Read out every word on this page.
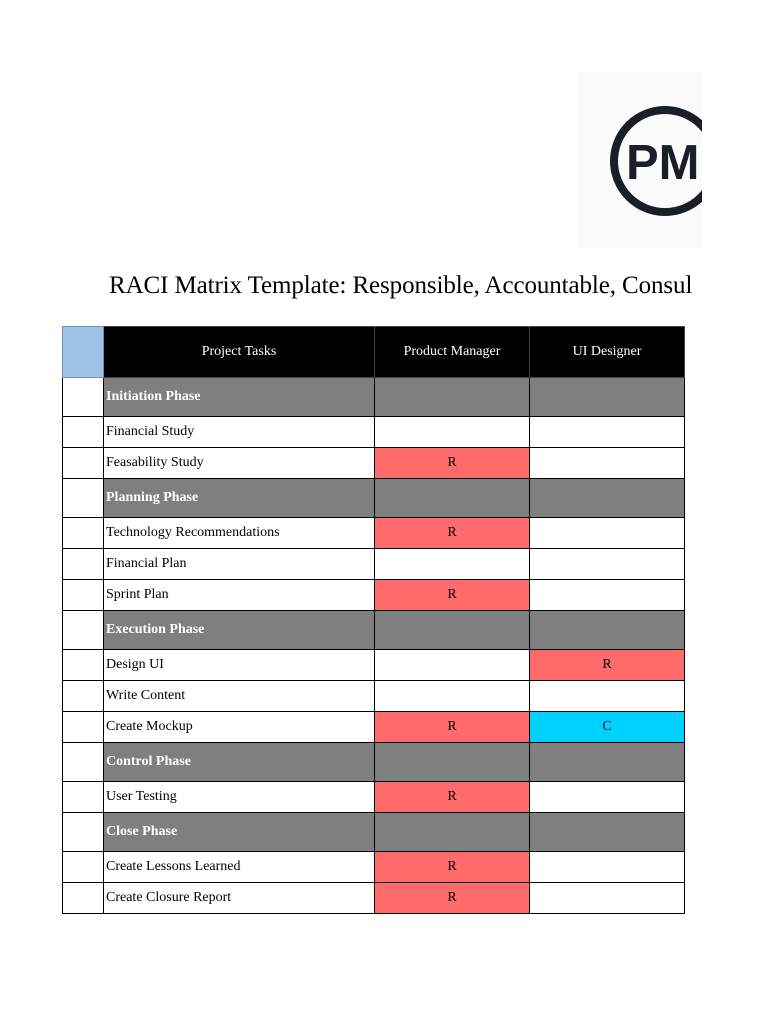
PM
RACI Matrix Template: Responsible, Accountable, Consul
	Project Tasks	Product Manager	UI Designer
	Initiation Phase		
	Financial Study		
	Feasability Study	R	
	Planning Phase		
	Technology Recommendations	R	
	Financial Plan		
	Sprint Plan	R	
	Execution Phase		
	Design UI		R
	Write Content		
	Create Mockup	R	C
	Control Phase		
	User Testing	R	
	Close Phase		
	Create Lessons Learned	R	
	Create Closure Report	R	
